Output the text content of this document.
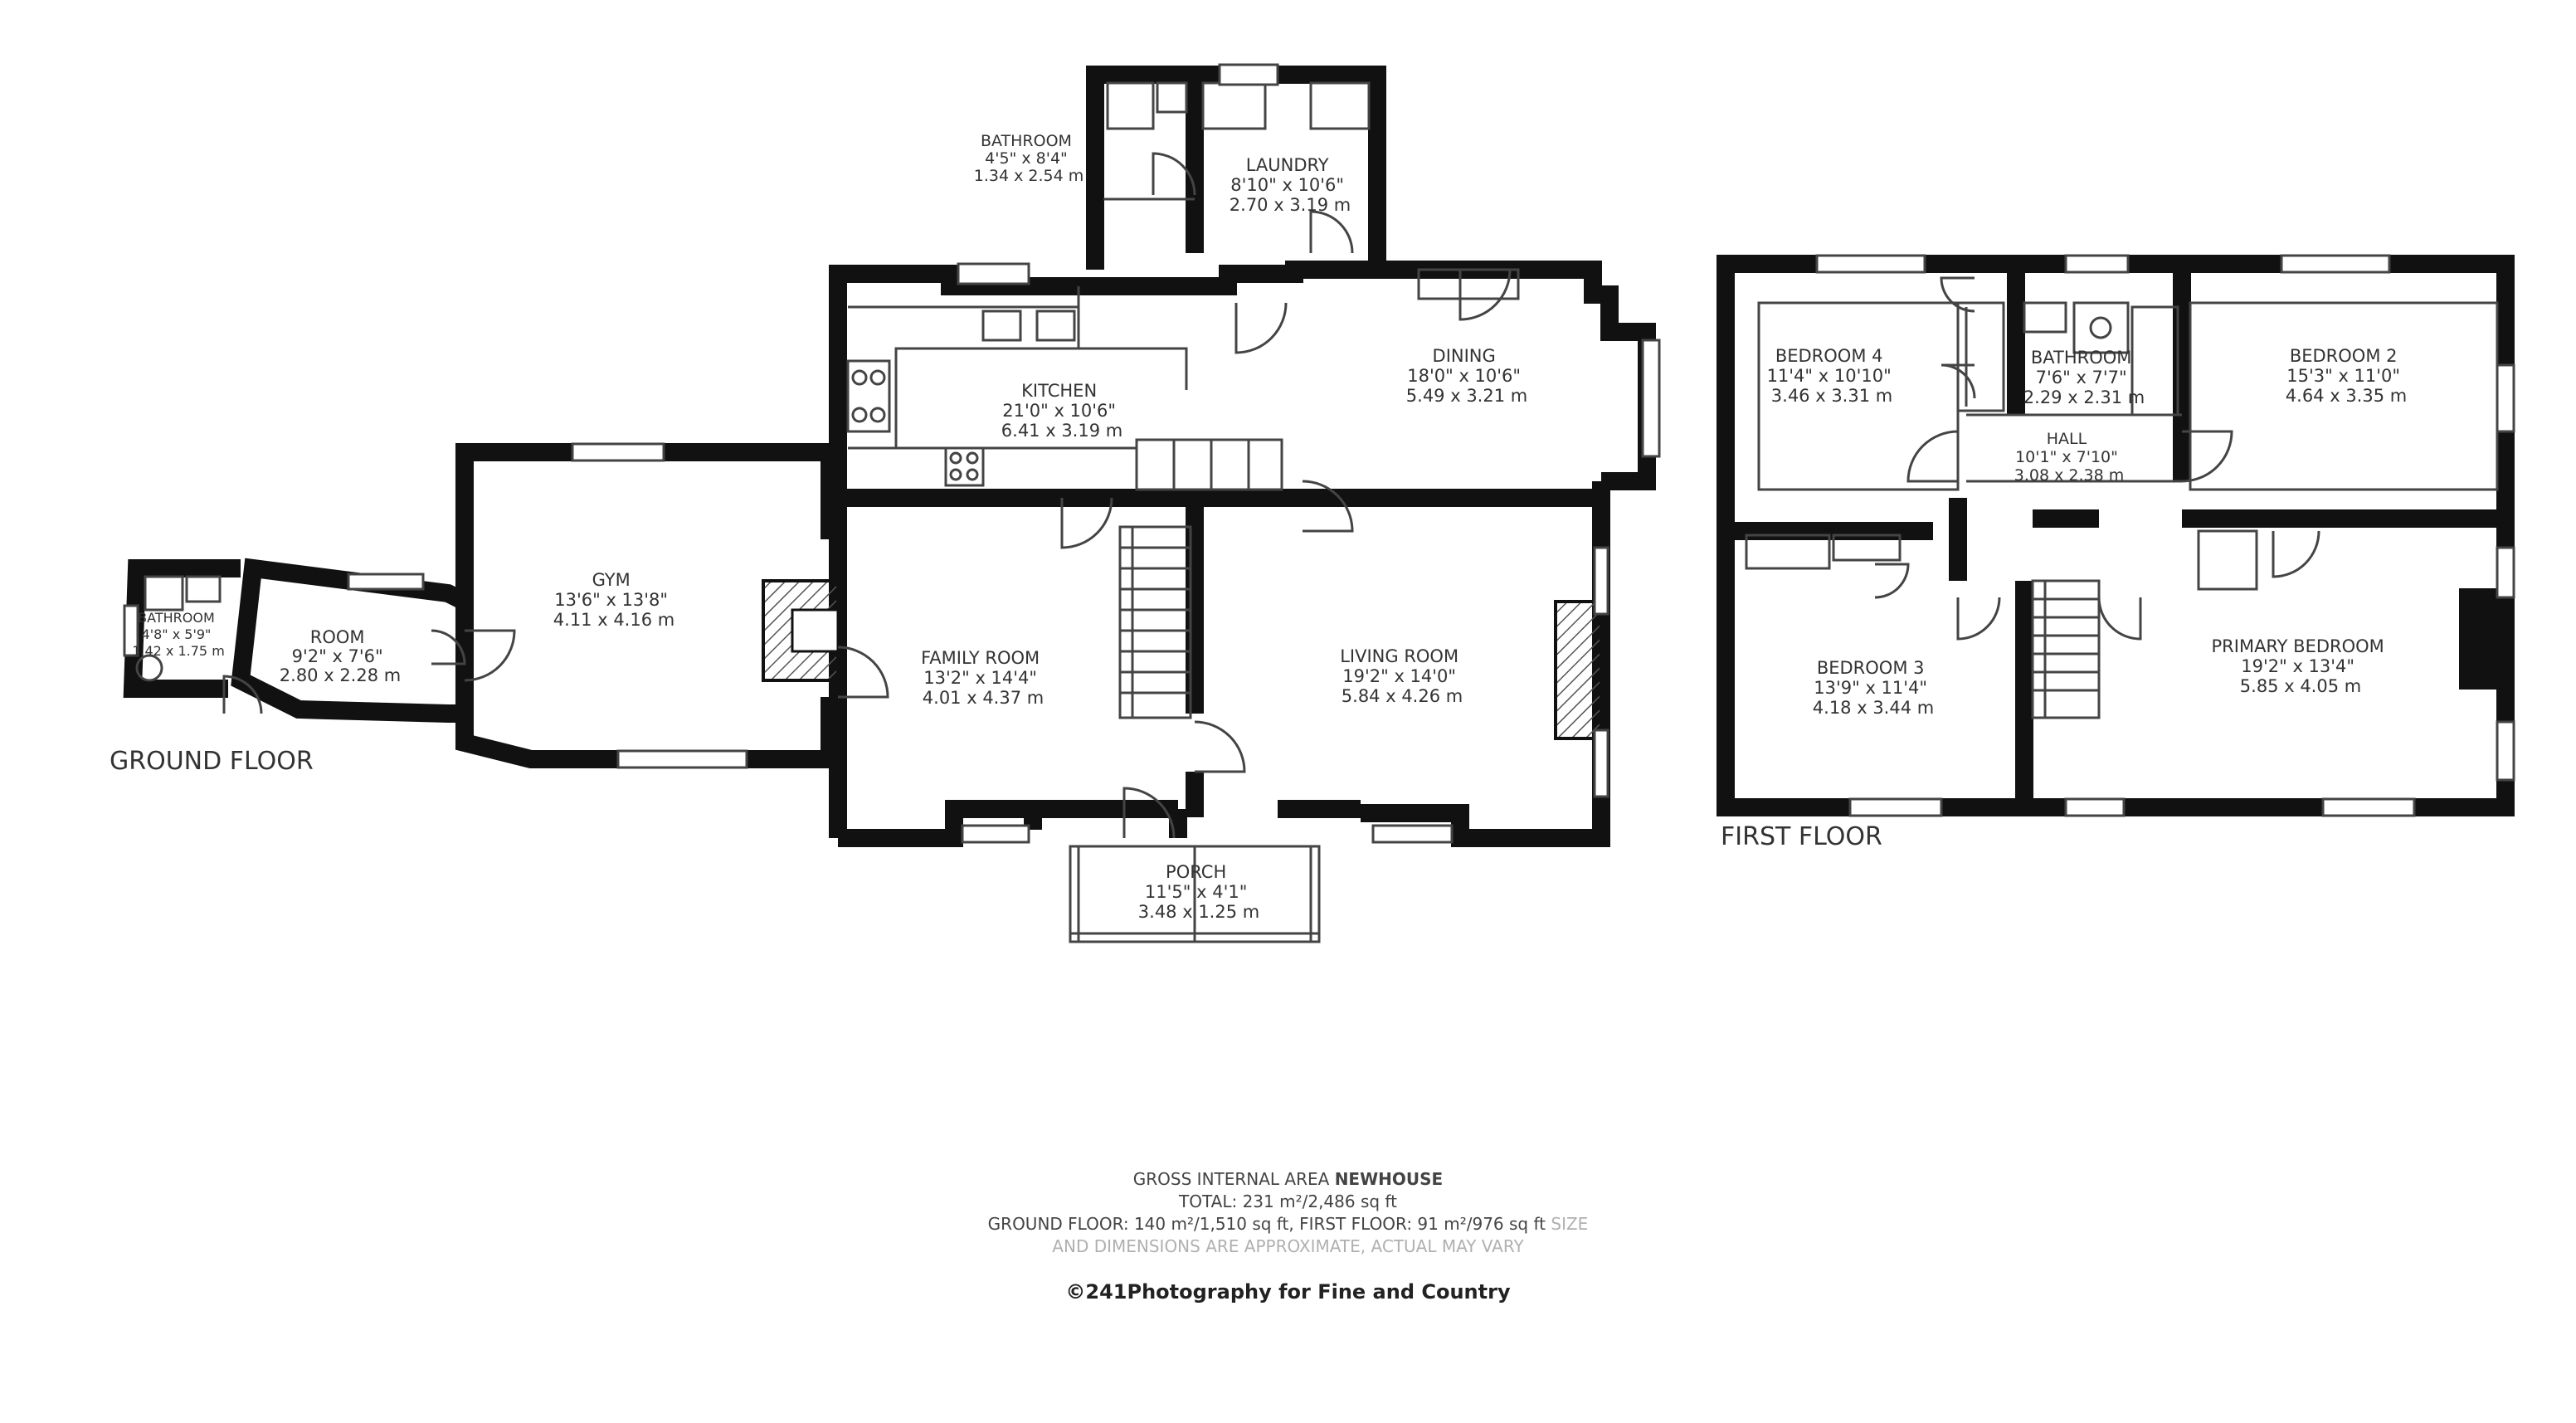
BATHROOM 4'8" x 5'9" 1.42 x 1.75 m
ROOM 9'2" x 7'6" 2.80 x 2.28 m
GYM 13'6" x 13'8" 4.11 x 4.16 m
BATHROOM 4'5" x 8'4" 1.34 x 2.54 m
LAUNDRY 8'10" x 10'6" 2.70 x 3.19 m
KITCHEN 21'0" x 10'6" 6.41 x 3.19 m
DINING 18'0" x 10'6" 5.49 x 3.21 m
FAMILY ROOM 13'2" x 14'4" 4.01 x 4.37 m
LIVING ROOM 19'2" x 14'0" 5.84 x 4.26 m
PORCH 11'5" x 4'1" 3.48 x 1.25 m
GROUND FLOOR
BEDROOM 4 11'4" x 10'10" 3.46 x 3.31 m
BATHROOM 7'6" x 7'7" 2.29 x 2.31 m
BEDROOM 2 15'3" x 11'0" 4.64 x 3.35 m
HALL 10'1" x 7'10" 3.08 x 2.38 m
BEDROOM 3 13'9" x 11'4" 4.18 x 3.44 m
PRIMARY BEDROOM 19'2" x 13'4" 5.85 x 4.05 m
FIRST FLOOR
GROSS INTERNAL AREA NEWHOUSE
TOTAL: 231 m²/2,486 sq ft
GROUND FLOOR: 140 m²/1,510 sq ft, FIRST FLOOR: 91 m²/976 sq ft SIZE
AND DIMENSIONS ARE APPROXIMATE, ACTUAL MAY VARY
©241Photography for Fine and Country
